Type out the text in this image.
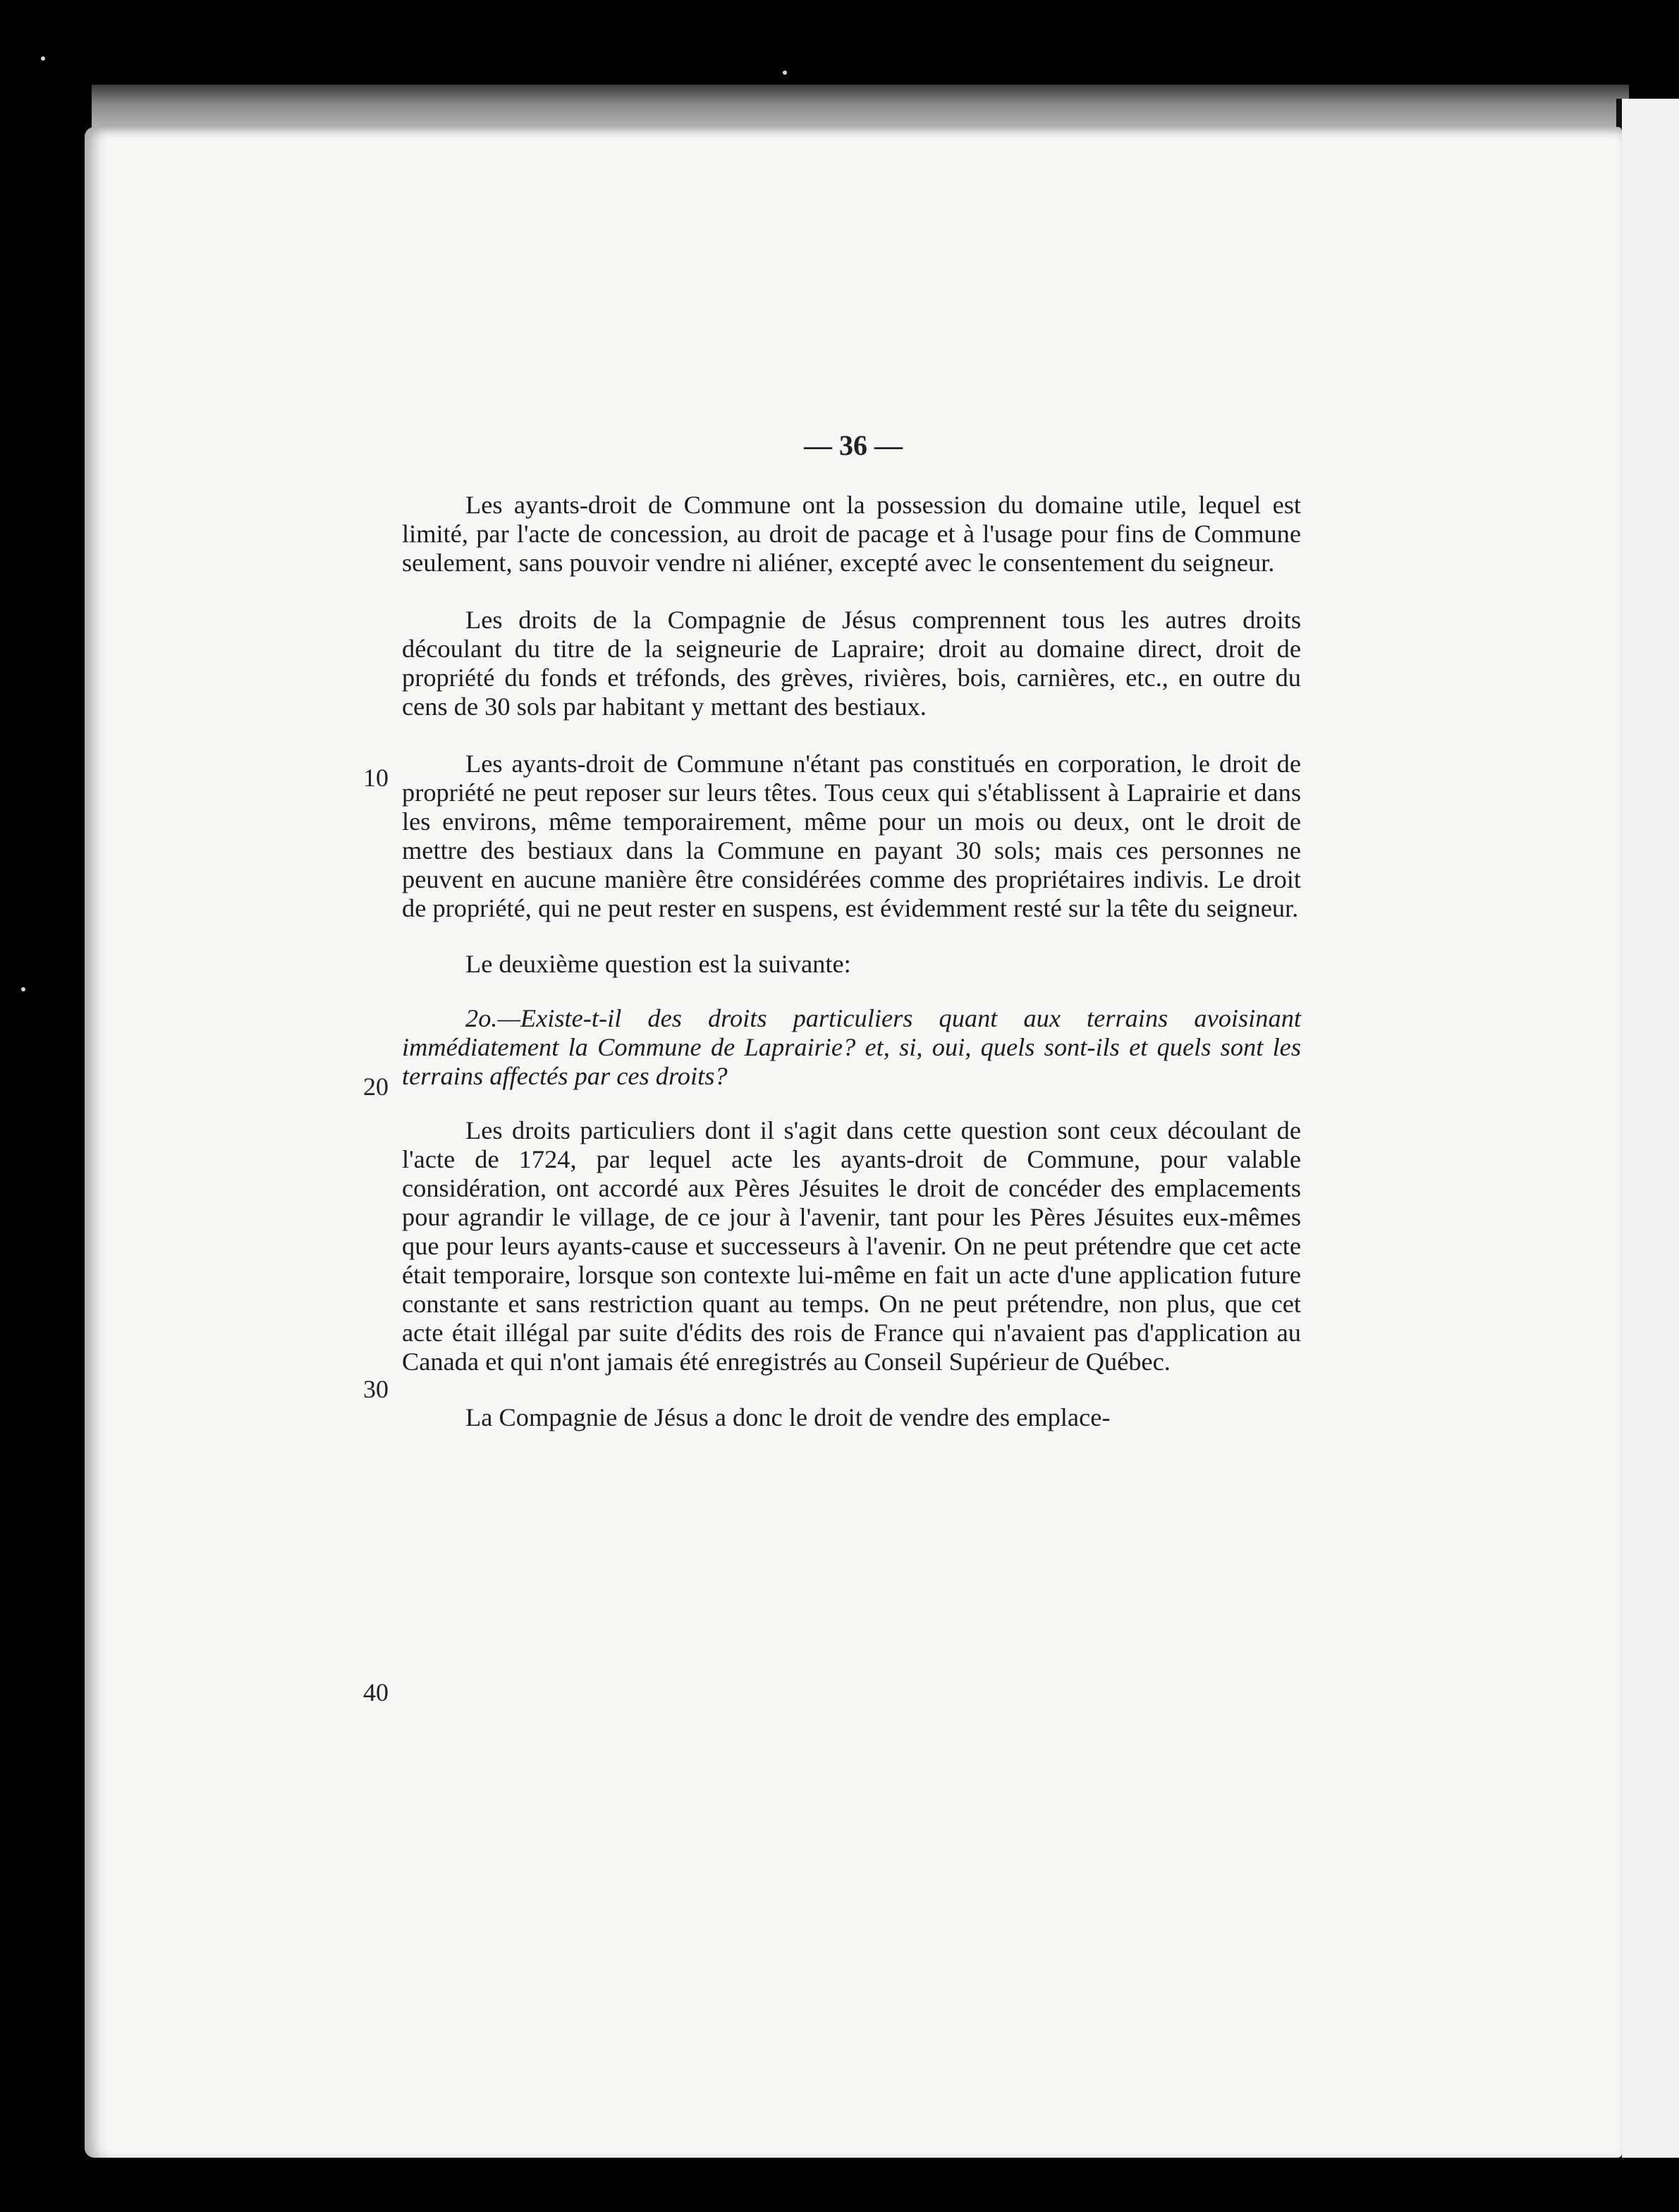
— 36 —
10
20
30
40

Les ayants-droit de Commune ont la possession du domaine utile, lequel est limité, par l'acte de concession, au droit de pacage et à l'usage pour fins de Commune seulement, sans pouvoir vendre ni aliéner, excepté avec le consentement du seigneur.

Les droits de la Compagnie de Jésus comprennent tous les autres droits découlant du titre de la seigneurie de Lapraire; droit au domaine direct, droit de propriété du fonds et tréfonds, des grèves, rivières, bois, carnières, etc., en outre du cens de 30 sols par habitant y mettant des bestiaux.

Les ayants-droit de Commune n'étant pas constitués en corporation, le droit de propriété ne peut reposer sur leurs têtes. Tous ceux qui s'établissent à Laprairie et dans les environs, même temporairement, même pour un mois ou deux, ont le droit de mettre des bestiaux dans la Commune en payant 30 sols; mais ces personnes ne peuvent en aucune manière être considérées comme des propriétaires indivis. Le droit de propriété, qui ne peut rester en suspens, est évidemment resté sur la tête du seigneur.

Le deuxième question est la suivante:

2o.—Existe-t-il des droits particuliers quant aux terrains avoisinant immédiatement la Commune de Laprairie? et, si, oui, quels sont-ils et quels sont les terrains affectés par ces droits?

Les droits particuliers dont il s'agit dans cette question sont ceux découlant de l'acte de 1724, par lequel acte les ayants-droit de Commune, pour valable considération, ont accordé aux Pères Jésuites le droit de concéder des emplacements pour agrandir le village, de ce jour à l'avenir, tant pour les Pères Jésuites eux-mêmes que pour leurs ayants-cause et successeurs à l'avenir. On ne peut prétendre que cet acte était temporaire, lorsque son contexte lui-même en fait un acte d'une application future constante et sans restriction quant au temps. On ne peut prétendre, non plus, que cet acte était illégal par suite d'édits des rois de France qui n'avaient pas d'application au Canada et qui n'ont jamais été enregistrés au Conseil Supérieur de Québec.

La Compagnie de Jésus a donc le droit de vendre des emplace-
